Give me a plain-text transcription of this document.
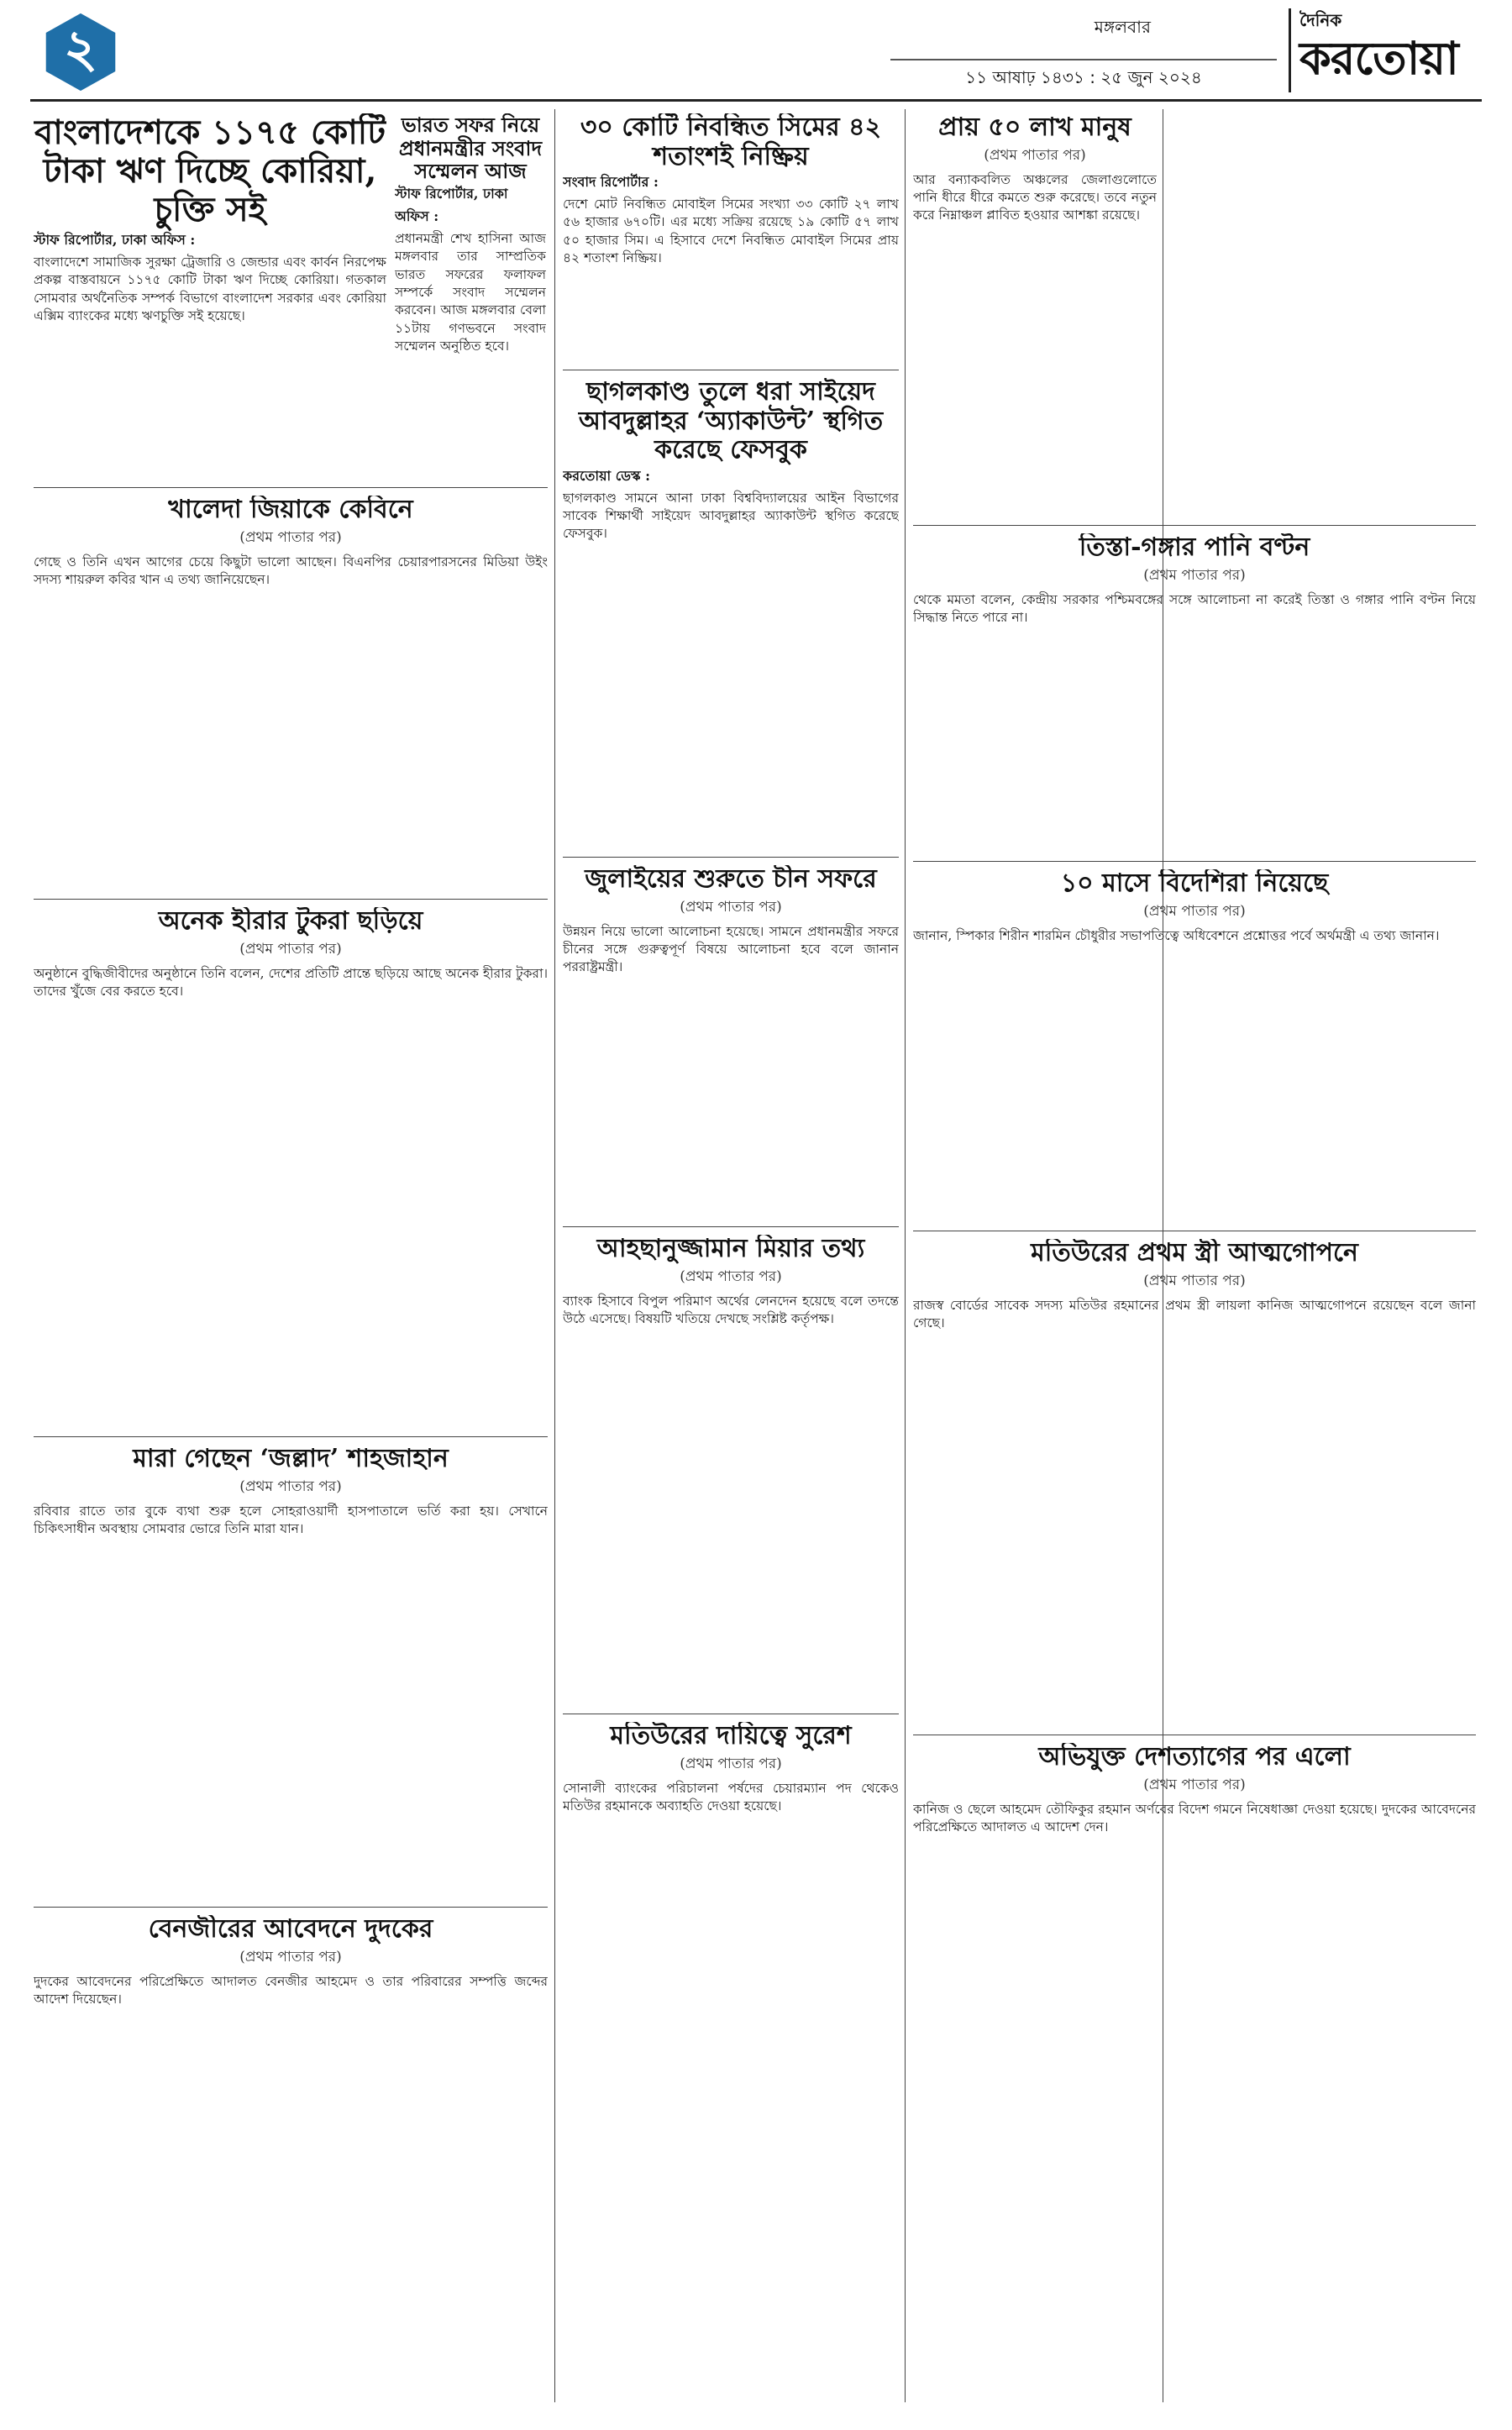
২	মঙ্গলবার
১১ আষাঢ় ১৪৩১ : ২৫ জুন ২০২৪
দৈনিক
করতোয়া
বাংলাদেশকে ১১৭৫ কোটি টাকা ঋণ দিচ্ছে কোরিয়া, চুক্তি সই
স্টাফ রিপোর্টার, ঢাকা অফিস :
বাংলাদেশে সামাজিক সুরক্ষা ট্রেজারি ও জেন্ডার এবং কার্বন নিরপেক্ষ প্রকল্প বাস্তবায়নে ১১৭৫ কোটি টাকা ঋণ দিচ্ছে কোরিয়া। গতকাল সোমবার অর্থনৈতিক সম্পর্ক বিভাগে বাংলাদেশ সরকার এবং কোরিয়া এক্সিম ব্যাংকের মধ্যে ঋণচুক্তি সই হয়েছে।
ভারত সফর নিয়ে প্রধানমন্ত্রীর সংবাদ সম্মেলন আজ
স্টাফ রিপোর্টার, ঢাকা অফিস :
প্রধানমন্ত্রী শেখ হাসিনা আজ মঙ্গলবার তার সাম্প্রতিক ভারত সফরের ফলাফল সম্পর্কে সংবাদ সম্মেলন করবেন। আজ মঙ্গলবার বেলা ১১টায় গণভবনে সংবাদ সম্মেলন অনুষ্ঠিত হবে।
খালেদা জিয়াকে কেবিনে
(প্রথম পাতার পর)
গেছে ও তিনি এখন আগের চেয়ে কিছুটা ভালো আছেন। বিএনপির চেয়ারপারসনের মিডিয়া উইং সদস্য শায়রুল কবির খান এ তথ্য জানিয়েছেন।
অনেক হীরার টুকরা ছড়িয়ে
(প্রথম পাতার পর)
অনুষ্ঠানে বুদ্ধিজীবীদের অনুষ্ঠানে তিনি বলেন, দেশের প্রতিটি প্রান্তে ছড়িয়ে আছে অনেক হীরার টুকরা। তাদের খুঁজে বের করতে হবে।
মারা গেছেন ‘জল্লাদ’ শাহজাহান
(প্রথম পাতার পর)
রবিবার রাতে তার বুকে ব্যথা শুরু হলে সোহরাওয়ার্দী হাসপাতালে ভর্তি করা হয়। সেখানে চিকিৎসাধীন অবস্থায় সোমবার ভোরে তিনি মারা যান।
বেনজীরের আবেদনে দুদকের
(প্রথম পাতার পর)
দুদকের আবেদনের পরিপ্রেক্ষিতে আদালত বেনজীর আহমেদ ও তার পরিবারের সম্পত্তি জব্দের আদেশ দিয়েছেন।
৩০ কোটি নিবন্ধিত সিমের ৪২ শতাংশই নিষ্ক্রিয়
সংবাদ রিপোর্টার :
দেশে মোট নিবন্ধিত মোবাইল সিমের সংখ্যা ৩৩ কোটি ২৭ লাখ ৫৬ হাজার ৬৭০টি। এর মধ্যে সক্রিয় রয়েছে ১৯ কোটি ৫৭ লাখ ৫০ হাজার সিম। এ হিসাবে দেশে নিবন্ধিত মোবাইল সিমের প্রায় ৪২ শতাংশ নিষ্ক্রিয়।
ছাগলকাণ্ড তুলে ধরা সাইয়েদ আবদুল্লাহর ‘অ্যাকাউন্ট’ স্থগিত করেছে ফেসবুক
করতোয়া ডেস্ক :
ছাগলকাণ্ড সামনে আনা ঢাকা বিশ্ববিদ্যালয়ের আইন বিভাগের সাবেক শিক্ষার্থী সাইয়েদ আবদুল্লাহর অ্যাকাউন্ট স্থগিত করেছে ফেসবুক।
জুলাইয়ের শুরুতে চীন সফরে
(প্রথম পাতার পর)
উন্নয়ন নিয়ে ভালো আলোচনা হয়েছে। সামনে প্রধানমন্ত্রীর সফরে চীনের সঙ্গে গুরুত্বপূর্ণ বিষয়ে আলোচনা হবে বলে জানান পররাষ্ট্রমন্ত্রী।
আহছানুজ্জামান মিয়ার তথ্য
(প্রথম পাতার পর)
ব্যাংক হিসাবে বিপুল পরিমাণ অর্থের লেনদেন হয়েছে বলে তদন্তে উঠে এসেছে। বিষয়টি খতিয়ে দেখছে সংশ্লিষ্ট কর্তৃপক্ষ।
মতিউরের দায়িত্বে সুরেশ
(প্রথম পাতার পর)
সোনালী ব্যাংকের পরিচালনা পর্ষদের চেয়ারম্যান পদ থেকেও মতিউর রহমানকে অব্যাহতি দেওয়া হয়েছে।
প্রায় ৫০ লাখ মানুষ
(প্রথম পাতার পর)
আর বন্যাকবলিত অঞ্চলের জেলাগুলোতে পানি ধীরে ধীরে কমতে শুরু করেছে। তবে নতুন করে নিম্নাঞ্চল প্লাবিত হওয়ার আশঙ্কা রয়েছে।
তিস্তা-গঙ্গার পানি বণ্টন
(প্রথম পাতার পর)
থেকে মমতা বলেন, কেন্দ্রীয় সরকার পশ্চিমবঙ্গের সঙ্গে আলোচনা না করেই তিস্তা ও গঙ্গার পানি বণ্টন নিয়ে সিদ্ধান্ত নিতে পারে না।
১০ মাসে বিদেশিরা নিয়েছে
(প্রথম পাতার পর)
জানান, স্পিকার শিরীন শারমিন চৌধুরীর সভাপতিত্বে অধিবেশনে প্রশ্নোত্তর পর্বে অর্থমন্ত্রী এ তথ্য জানান।
মতিউরের প্রথম স্ত্রী আত্মগোপনে
(প্রথম পাতার পর)
রাজস্ব বোর্ডের সাবেক সদস্য মতিউর রহমানের প্রথম স্ত্রী লায়লা কানিজ আত্মগোপনে রয়েছেন বলে জানা গেছে।
অভিযুক্ত দেশত্যাগের পর এলো
(প্রথম পাতার পর)
কানিজ ও ছেলে আহমেদ তৌফিকুর রহমান অর্ণবের বিদেশ গমনে নিষেধাজ্ঞা দেওয়া হয়েছে। দুদকের আবেদনের পরিপ্রেক্ষিতে আদালত এ আদেশ দেন।
